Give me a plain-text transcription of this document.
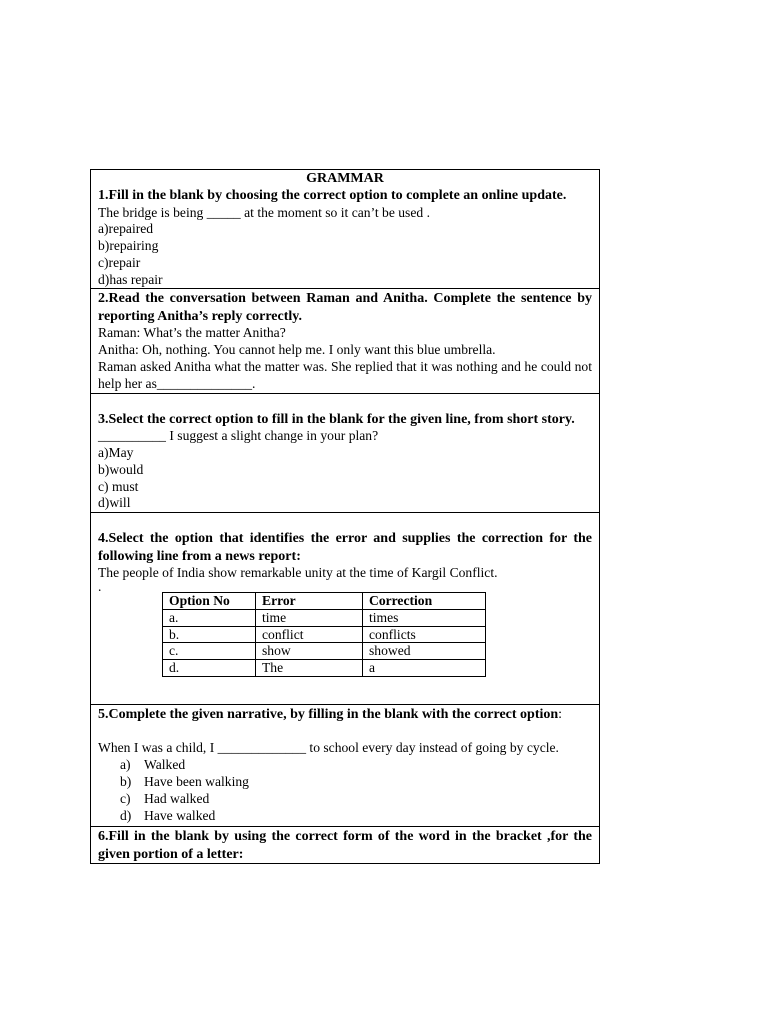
GRAMMAR
1.Fill in the blank by choosing the correct option to complete an online update.
The bridge is being _____ at the moment so it can’t be used .
a)repaired
b)repairing
c)repair
d)has repair
2.Read the conversation between Raman and Anitha. Complete the sentence by reporting Anitha’s reply correctly.
Raman: What’s the matter Anitha?
Anitha: Oh, nothing. You cannot help me. I only want this blue umbrella.
Raman asked Anitha what the matter was. She replied that it was nothing and he could not help her as______________.
3.Select the correct option to fill in the blank for the given line, from short story.
__________ I suggest a slight change in your plan?
a)May
b)would
c) must
d)will
4.Select the option that identifies the error and supplies the correction for the following line from a news report:
The people of India show remarkable unity at the time of Kargil Conflict.
.
Option No	Error	Correction
a.	time	times
b.	conflict	conflicts
c.	show	showed
d.	The	a
5.Complete the given narrative, by filling in the blank with the correct option:
When I was a child, I _____________ to school every day instead of going by cycle.
a) Walked
b) Have been walking
c) Had walked
d) Have walked
6.Fill in the blank by using the correct form of the word in the bracket ,for the given portion of a letter:
